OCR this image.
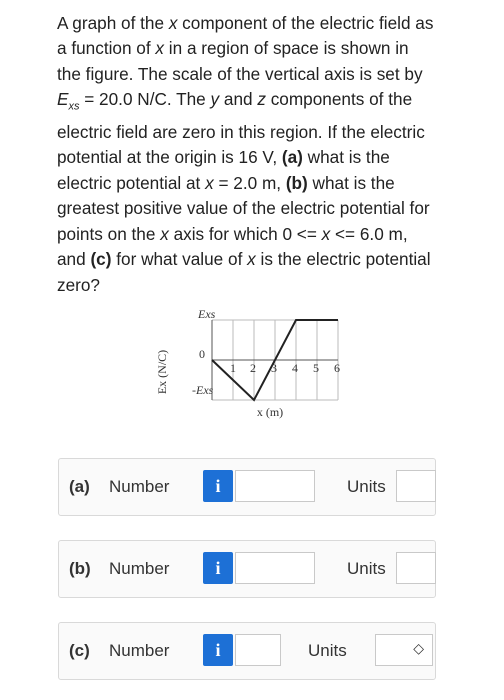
A graph of the x component of the electric field as a function of x in a region of space is shown in the figure. The scale of the vertical axis is set by $E_{xs} = 20.0$ N/C. The y and z components of the electric field are zero in this region. If the electric potential at the origin is 16 V, (a) what is the electric potential at x = 2.0 m, (b) what is the greatest positive value of the electric potential for points on the x axis for which 0 <= x <= 6.0 m, and (c) for what value of x is the electric potential zero?
Ex (N/C)
Exs
0
-Exs
1 2 3 4 5 6
x (m)
(a) Number	i	Units
(b) Number	i	Units
(c) Number	i	Units	◇
